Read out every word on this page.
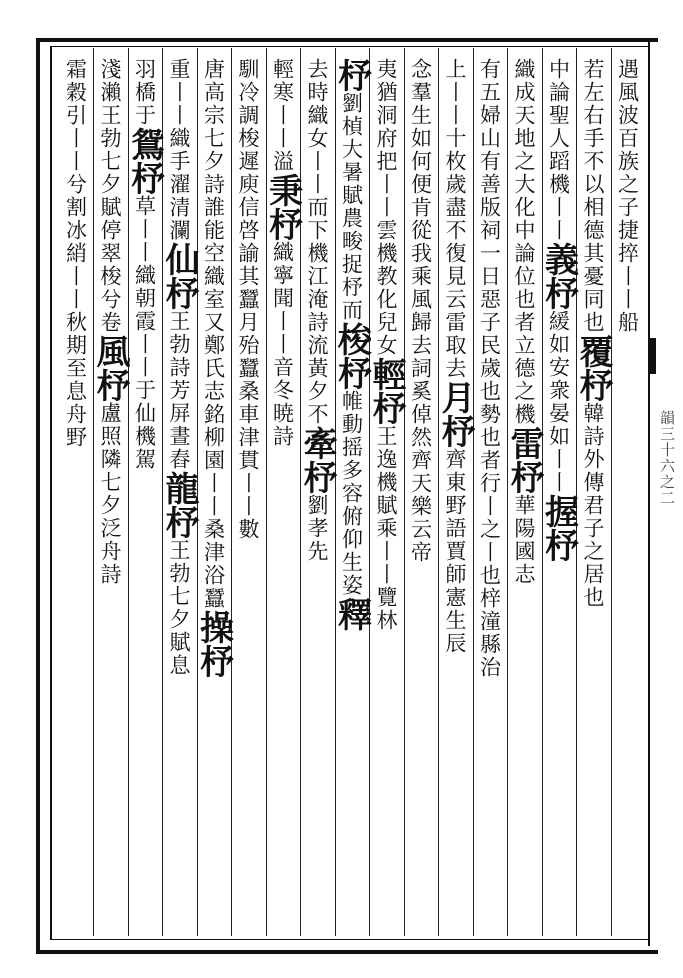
遇風波百族之子捷捽丨丨船
若左右手不以相德其憂同也覆杼韓詩外傳君子之居也
中論聖人蹈機丨丨義杼緩如安衆晏如丨丨握杼
織成天地之大化中論位也者立德之機雷杼華陽國志
有五婦山有善版祠一日惡子民歲也勢也者行丨之丨也梓潼縣治
上丨丨十枚歲盡不復見云雷取去月杼齊東野語賈師憲生辰
念羣生如何便肯從我乘風歸去詞奚倬然齊天樂云帝
夷猶洞府把丨丨雲機教化兒女輕杼王逸機賦乘丨丨覽林
杼劉楨大暑賦農畯捉杼而梭杼帷動摇多容俯仰生姿釋
去時織女丨丨而下機江淹詩流黃夕不牽杼劉孝先
輕寒丨丨溢秉杼織寧聞丨丨音冬暁詩
馴冷調梭遲庾信啓諭其蠶月殆蠶桑車津貫丨丨數
唐高宗七夕詩誰能空織室又鄭氏志銘柳園丨丨桑津浴蠶操杼
重丨丨織手濯清瀾仙杼王勃詩芳屏晝舂龍杼王勃七夕賦息
羽橋于鴛杼草丨丨織朝霞丨丨于仙機駕
淺瀨王勃七夕賦停翠梭兮卷風杼盧照隣七夕泛舟詩
霜穀引丨丨兮割冰綃丨丨秋期至息舟野
韻三十六之二
